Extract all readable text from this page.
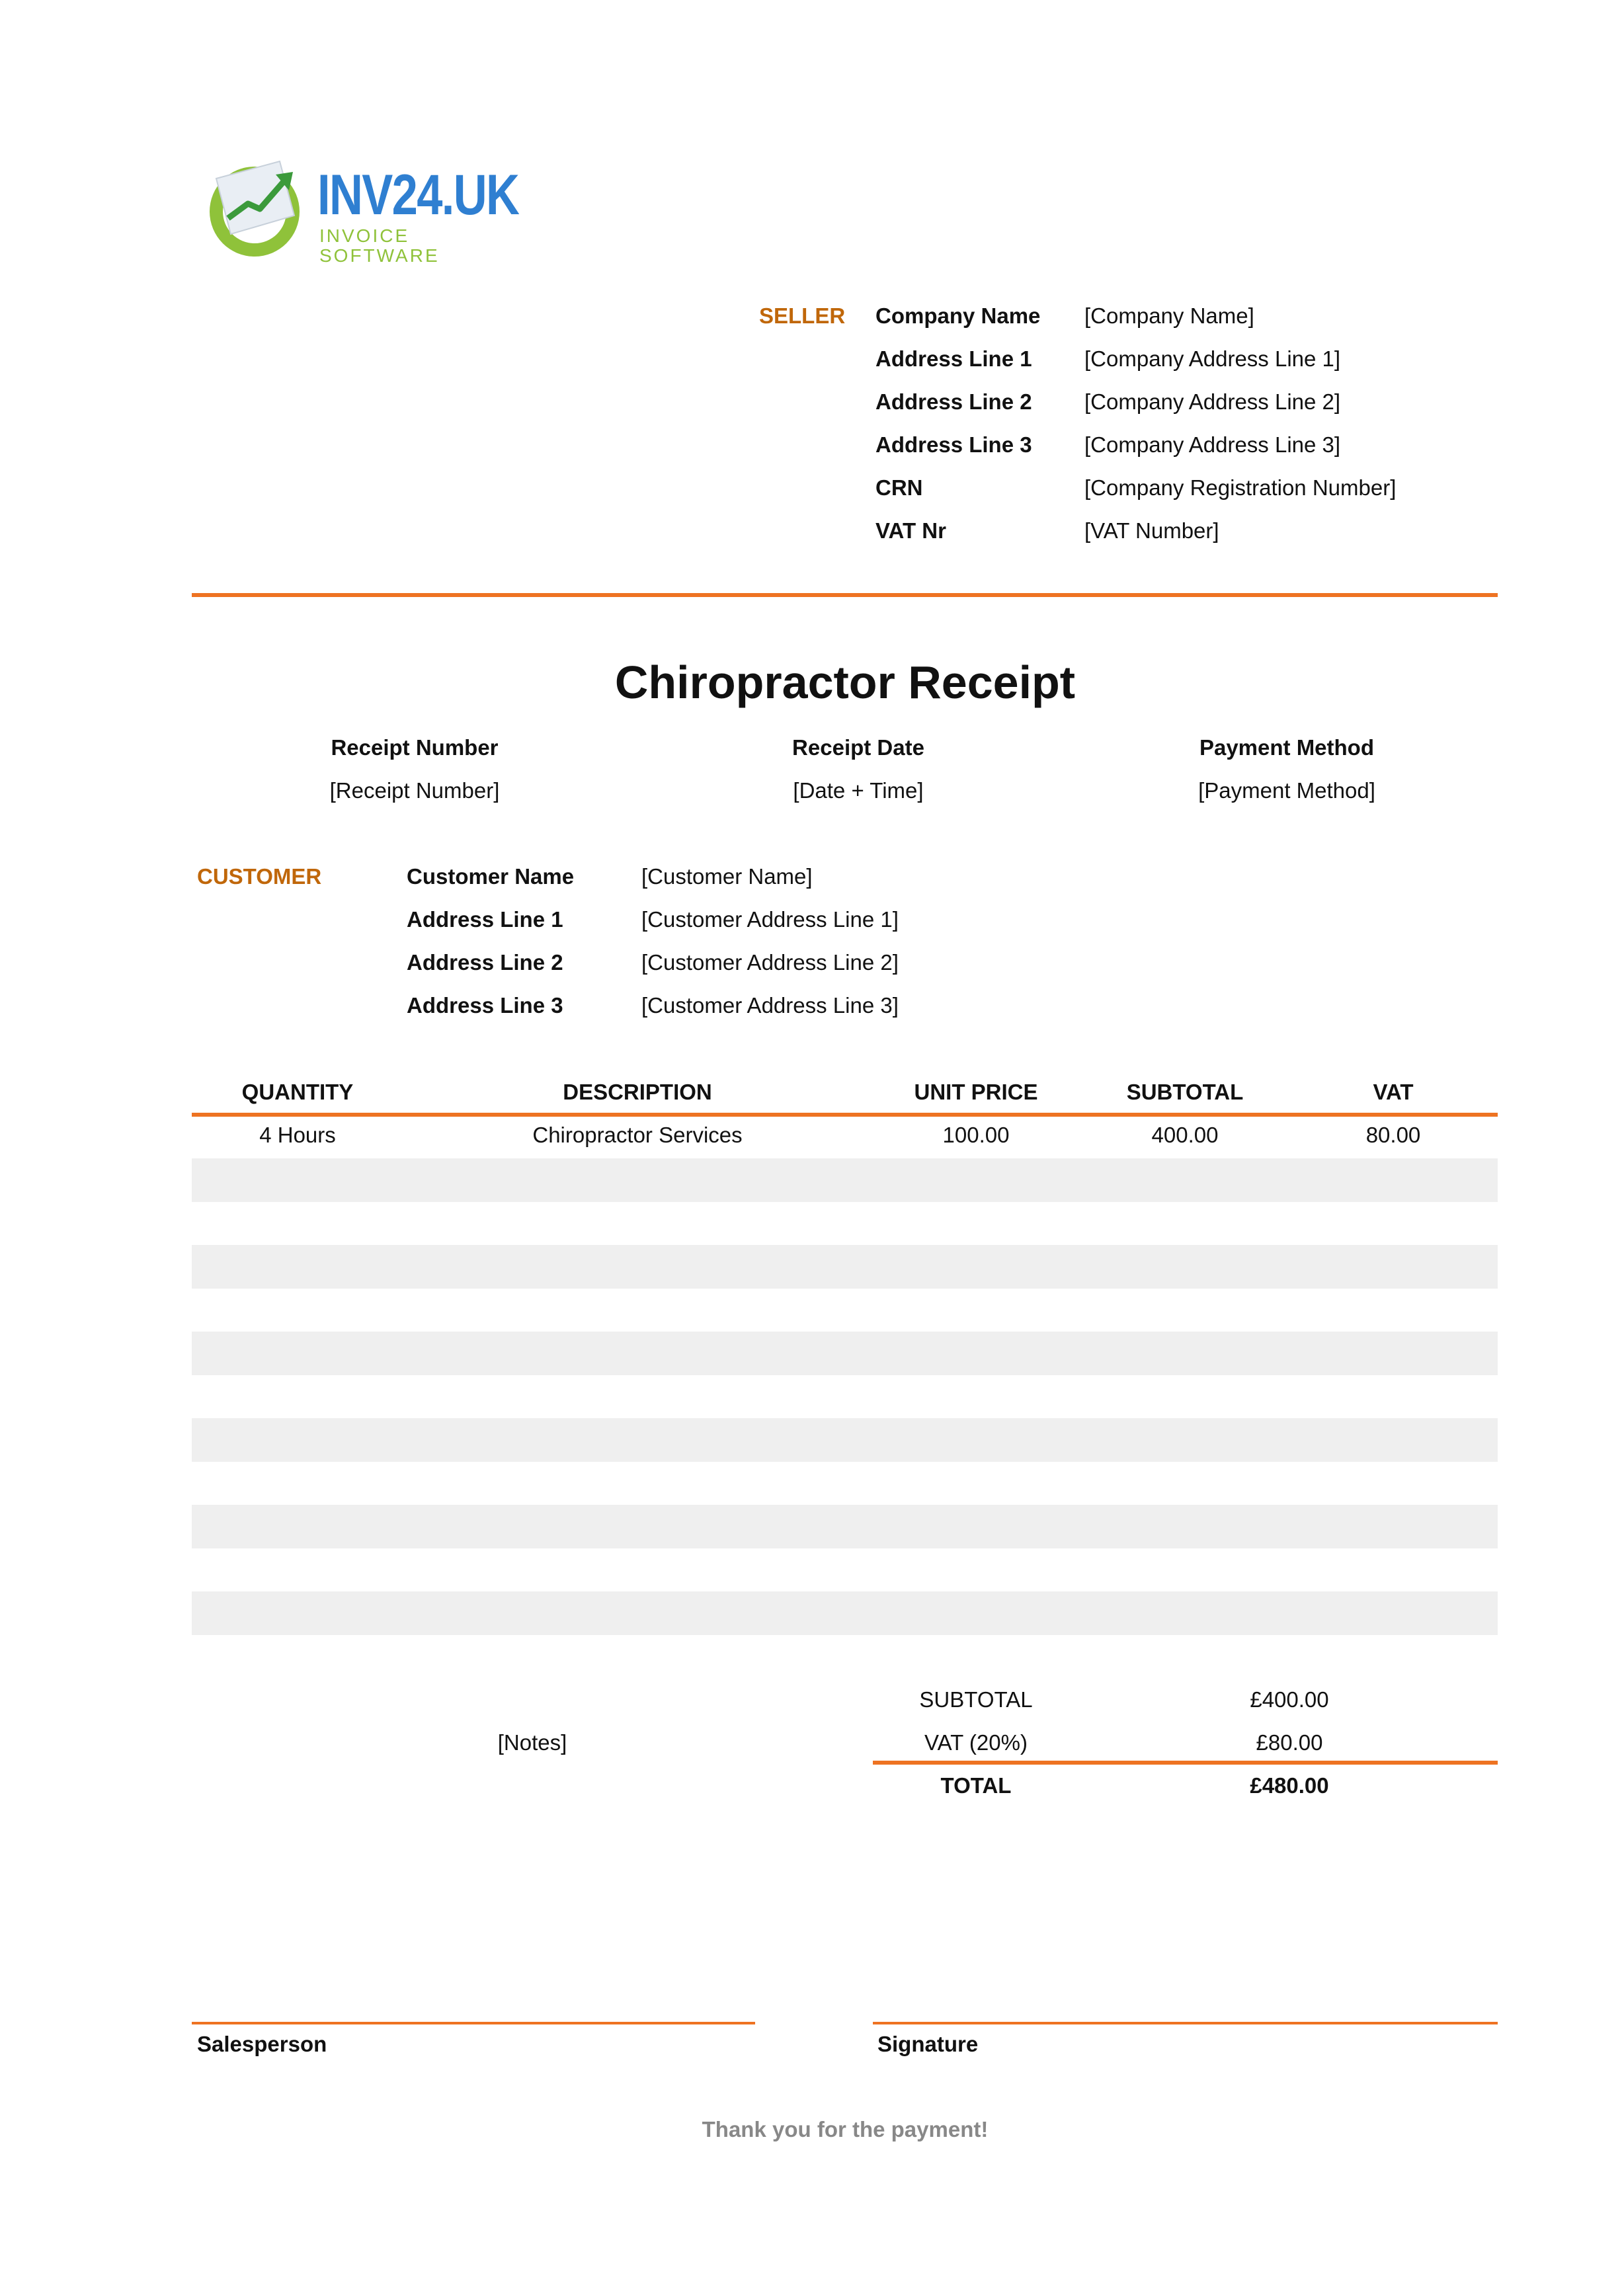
INV24.UK
INVOICE SOFTWARE
SELLER Company Name [Company Name]
Address Line 1 [Company Address Line 1]
Address Line 2 [Company Address Line 2]
Address Line 3 [Company Address Line 3]
CRN	[Company Registration Number]
VAT Nr	[VAT Number]
Chiropractor Receipt
Receipt Number
[Receipt Number]
Receipt Date
[Date + Time]
Payment Method
[Payment Method]
CUSTOMER	Customer Name	[Customer Name]
Address Line 1	[Customer Address Line 1]
Address Line 2	[Customer Address Line 2]
Address Line 3	[Customer Address Line 3]
QUANTITY	DESCRIPTION	UNIT PRICE	SUBTOTAL	VAT
4 Hours	Chiropractor Services	100.00	400.00	80.00
[Notes]
SUBTOTAL	£400.00
VAT (20%)	£80.00
TOTAL	£480.00
Salesperson	Signature
Thank you for the payment!
